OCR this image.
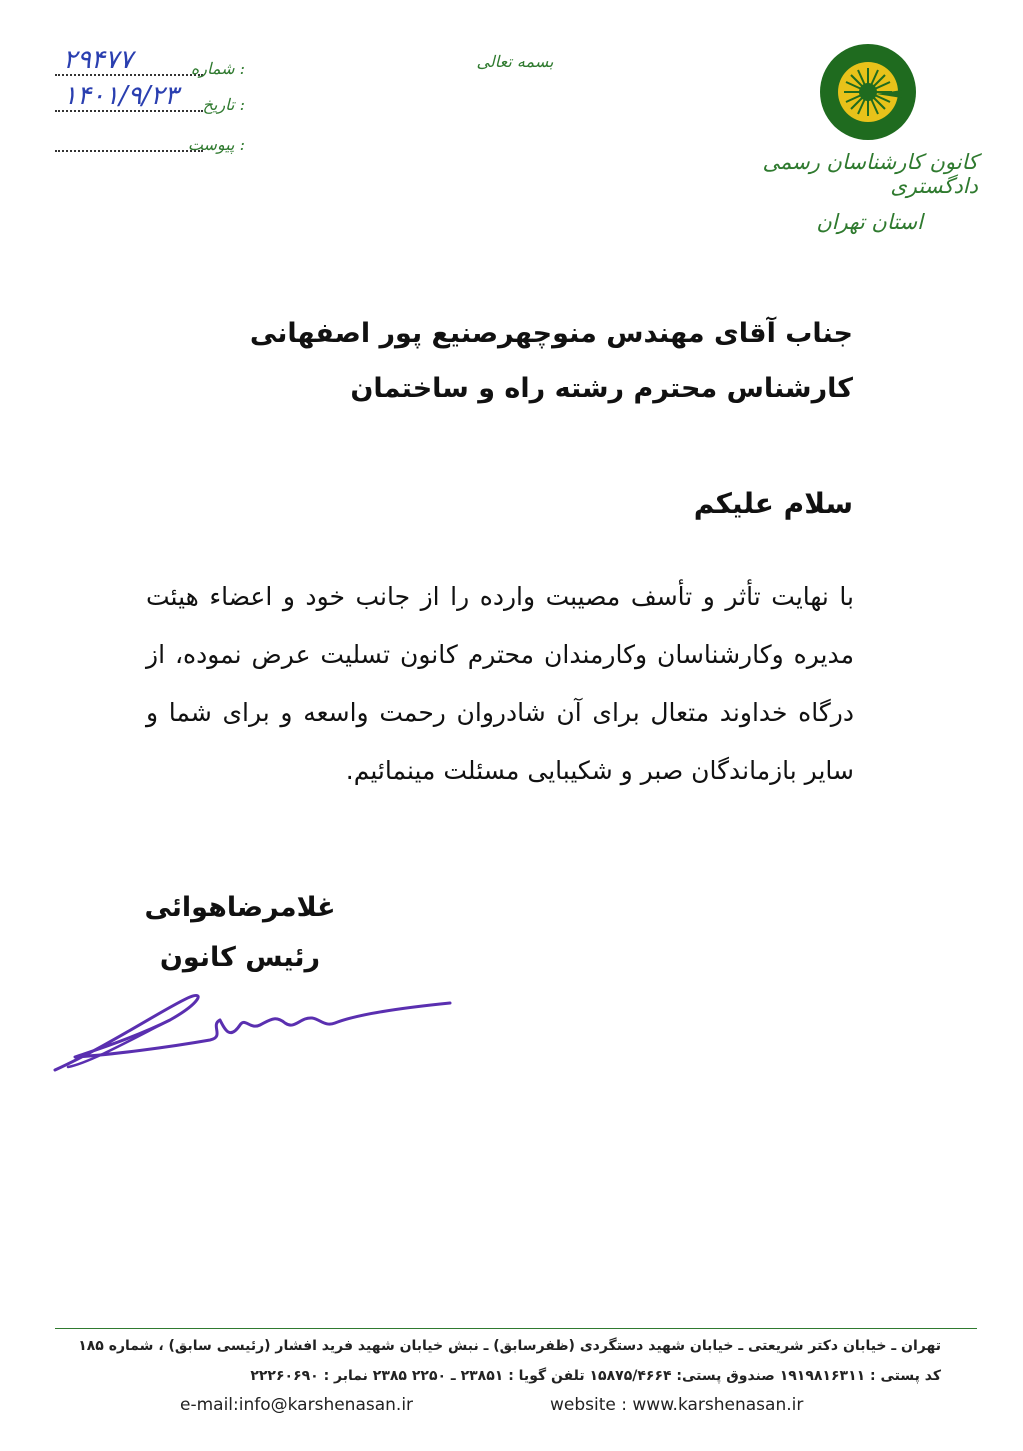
شماره :
۲۹۴۷۷
تاریخ :
۱۴۰۱/۹/۲۳
پیوست :
بسمه تعالی
کانون کارشناسان رسمی دادگستری
استان تهران
جناب آقای مهندس منوچهرصنیع پور اصفهانی
کارشناس محترم رشته راه و ساختمان
سلام علیکم
با نهایت تأثر و تأسف مصیبت وارده را از جانب خود و اعضاء هیئت مدیره وکارشناسان وکارمندان محترم کانون تسلیت عرض نموده، از درگاه خداوند متعال برای آن شادروان رحمت واسعه و برای شما و سایر بازماندگان صبر و شکیبایی مسئلت مینمائیم.
غلامرضاهوائی
رئیس کانون
تهران ـ خیابان دکتر شریعتی ـ خیابان شهید دستگردی (ظفرسابق) ـ نبش خیابان شهید فرید افشار (رئیسی سابق) ، شماره ۱۸۵
کد پستی : ۱۹۱۹۸۱۶۳۱۱ صندوق پستی: ۱۵۸۷۵/۴۶۶۴ تلفن گویا : ۲۳۸۵۱ ـ ۲۲۵۰ ۲۳۸۵ نمابر : ۲۲۲۶۰۶۹۰
e-mail:info@karshenasan.ir	website : www.karshenasan.ir
